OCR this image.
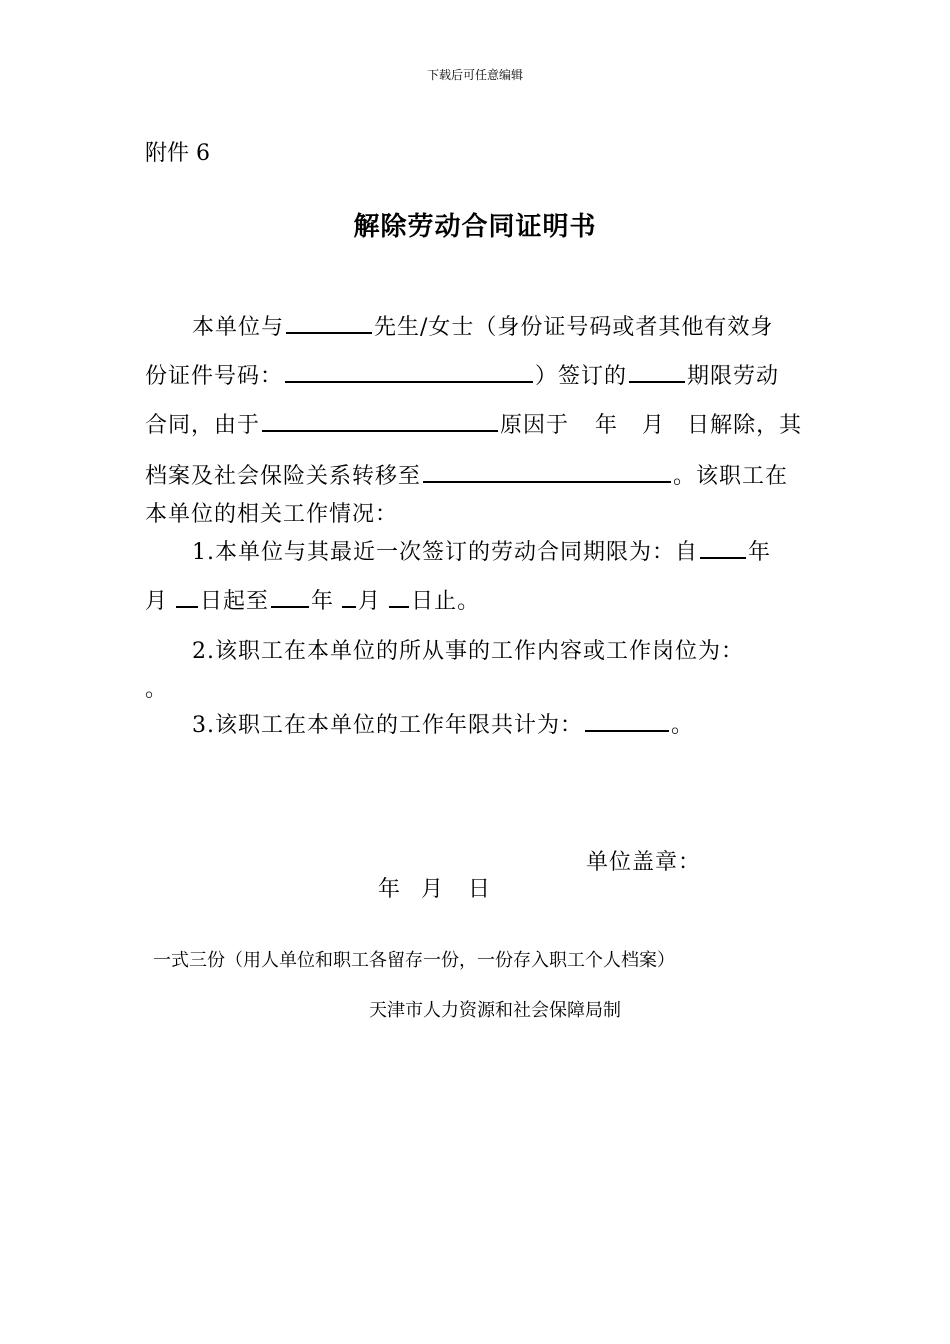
下载后可任意编辑
附件 6
解除劳动合同证明书
本单位与	先生/女士（身份证号码或者其他有效身
份证件号码：	）签订的	期限劳动
合同，由于	原因于 年 月 日解除，其
档案及社会保险关系转移至	。该职工在
本单位的相关工作情况：
1.本单位与其最近一次签订的劳动合同期限为：自 年
月 日起至 年 月 日止。
2.该职工在本单位的所从事的工作内容或工作岗位为：
。
3.该职工在本单位的工作年限共计为：	。
单位盖章：
年 月 日
一式三份（用人单位和职工各留存一份，一份存入职工个人档案）
天津市人力资源和社会保障局制
